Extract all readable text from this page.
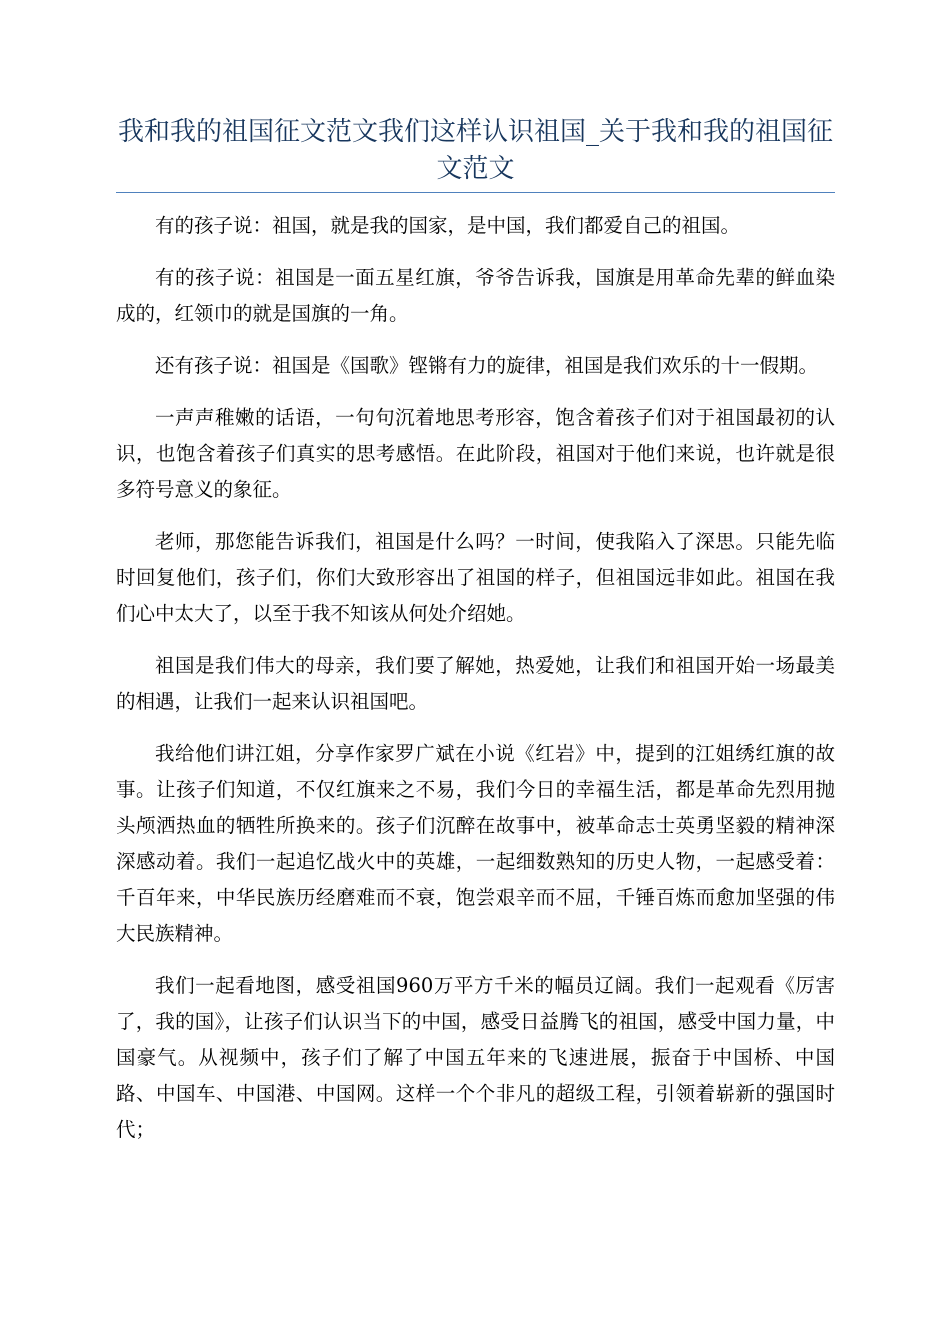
我和我的祖国征文范文我们这样认识祖国_关于我和我的祖国征文范文

有的孩子说：祖国，就是我的国家，是中国，我们都爱自己的祖国。

有的孩子说：祖国是一面五星红旗，爷爷告诉我，国旗是用革命先辈的鲜血染成的，红领巾的就是国旗的一角。

还有孩子说：祖国是《国歌》铿锵有力的旋律，祖国是我们欢乐的十一假期。

一声声稚嫩的话语，一句句沉着地思考形容，饱含着孩子们对于祖国最初的认识，也饱含着孩子们真实的思考感悟。在此阶段，祖国对于他们来说，也许就是很多符号意义的象征。

老师，那您能告诉我们，祖国是什么吗？一时间，使我陷入了深思。只能先临时回复他们，孩子们，你们大致形容出了祖国的样子，但祖国远非如此。祖国在我们心中太大了，以至于我不知该从何处介绍她。

祖国是我们伟大的母亲，我们要了解她，热爱她，让我们和祖国开始一场最美的相遇，让我们一起来认识祖国吧。

我给他们讲江姐，分享作家罗广斌在小说《红岩》中，提到的江姐绣红旗的故事。让孩子们知道，不仅红旗来之不易，我们今日的幸福生活，都是革命先烈用抛头颅洒热血的牺牲所换来的。孩子们沉醉在故事中，被革命志士英勇坚毅的精神深深感动着。我们一起追忆战火中的英雄，一起细数熟知的历史人物，一起感受着：千百年来，中华民族历经磨难而不衰，饱尝艰辛而不屈，千锤百炼而愈加坚强的伟大民族精神。

我们一起看地图，感受祖国960万平方千米的幅员辽阔。我们一起观看《厉害了，我的国》，让孩子们认识当下的中国，感受日益腾飞的祖国，感受中国力量，中国豪气。从视频中，孩子们了解了中国五年来的飞速进展，振奋于中国桥、中国路、中国车、中国港、中国网。这样一个个非凡的超级工程，引领着崭新的强国时代；
